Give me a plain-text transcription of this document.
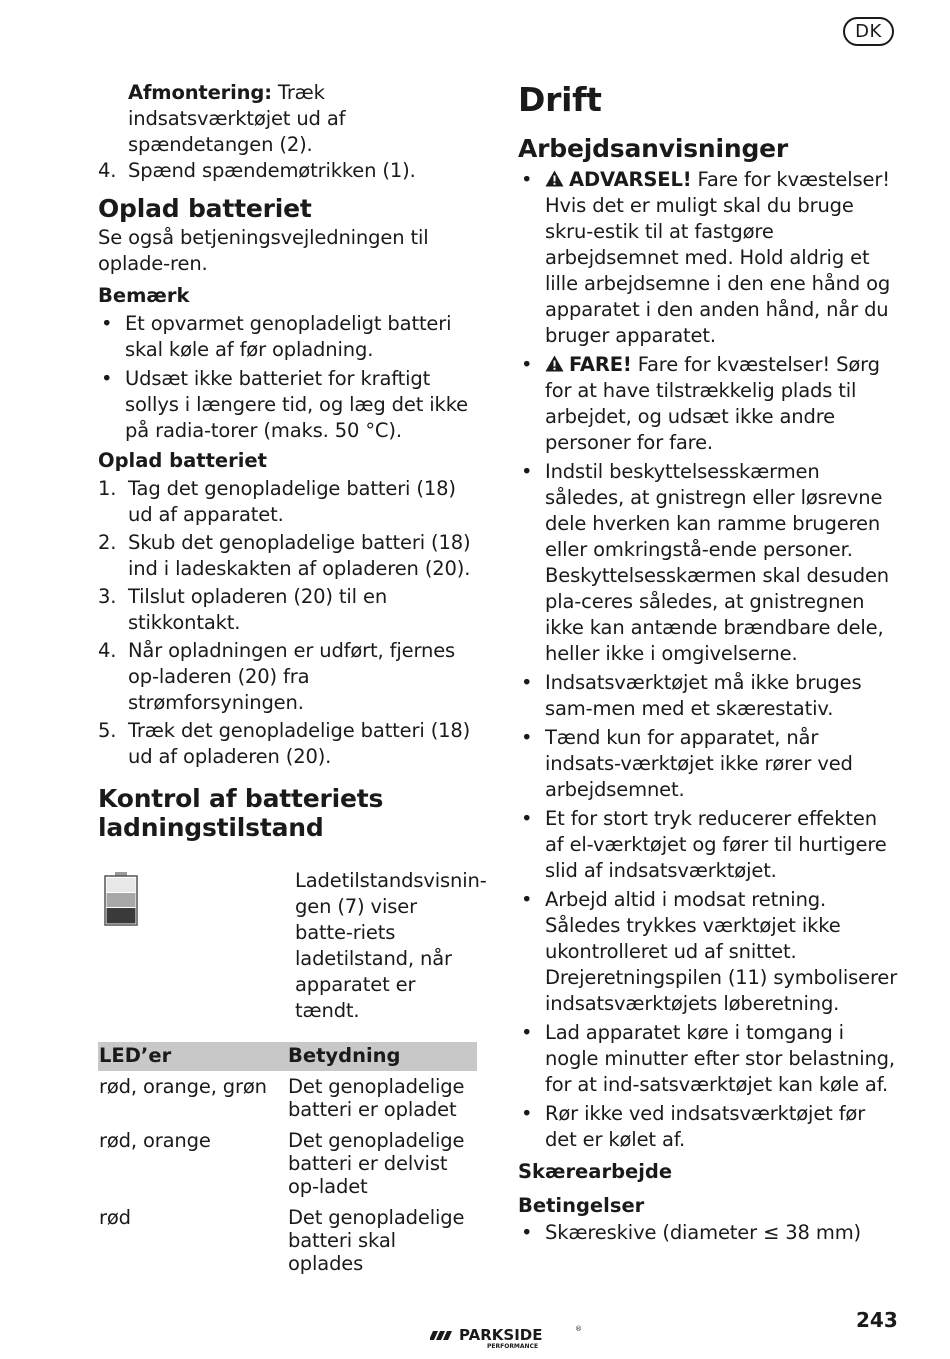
DK
Afmontering: Træk indsatsværktøjet ud af spændetangen (2).
4. Spænd spændemøtrikken (1).
Oplad batteriet
Se også betjeningsvejledningen til oplade-ren.
Bemærk
• Et opvarmet genopladeligt batteri skal køle af før opladning.
• Udsæt ikke batteriet for kraftigt sollys i længere tid, og læg det ikke på radia-torer (maks. 50 °C).
Oplad batteriet
1. Tag det genopladelige batteri (18) ud af apparatet.
2. Skub det genopladelige batteri (18) ind i ladeskakten af opladeren (20).
3. Tilslut opladeren (20) til en stikkontakt.
4. Når opladningen er udført, fjernes op-laderen (20) fra strømforsyningen.
5. Træk det genopladelige batteri (18) ud af opladeren (20).
Kontrol af batteriets
ladningstilstand
Ladetilstandsvisnin-gen (7) viser batte-riets ladetilstand, når apparatet er tændt.
LED’er	Betydning
rød, orange, grøn	Det genopladelige batteri er opladet
rød, orange	Det genopladelige batteri er delvist op-ladet
rød	Det genopladelige batteri skal oplades
Drift
Arbejdsanvisninger
• ADVARSEL! Fare for kvæstelser! Hvis det er muligt skal du bruge skru-estik til at fastgøre arbejdsemnet med. Hold aldrig et lille arbejdsemne i den ene hånd og apparatet i den anden hånd, når du bruger apparatet.
• FARE! Fare for kvæstelser! Sørg for at have tilstrækkelig plads til arbejdet, og udsæt ikke andre personer for fare.
• Indstil beskyttelsesskærmen således, at gnistregn eller løsrevne dele hverken kan ramme brugeren eller omkringstå-ende personer.
Beskyttelsesskærmen skal desuden pla-ceres således, at gnistregnen ikke kan antænde brændbare dele, heller ikke i omgivelserne.
• Indsatsværktøjet må ikke bruges sam-men med et skærestativ.
• Tænd kun for apparatet, når indsats-værktøjet ikke rører ved arbejdsemnet.
• Et for stort tryk reducerer effekten af el-værktøjet og fører til hurtigere slid af indsatsværktøjet.
• Arbejd altid i modsat retning. Således trykkes værktøjet ikke ukontrolleret ud af snittet.
Drejeretningspilen (11) symboliserer indsatsværktøjets løberetning.
• Lad apparatet køre i tomgang i nogle minutter efter stor belastning, for at ind-satsværktøjet kan køle af.
• Rør ikke ved indsatsværktøjet før det er kølet af.
Skærearbejde
Betingelser
• Skæreskive (diameter ≤ 38 mm)
PARKSIDE	®
PERFORMANCE
243
